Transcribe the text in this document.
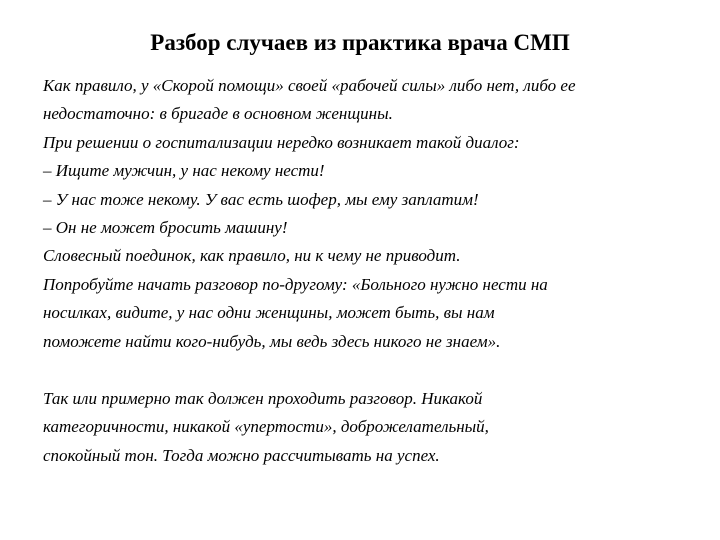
Разбор случаев из практика врача СМП
Как правило, у «Скорой помощи» своей «рабочей силы» либо нет, либо ее
недостаточно: в бригаде в основном женщины.
При решении о госпитализации нередко возникает такой диалог:
– Ищите мужчин, у нас некому нести!
– У нас тоже некому. У вас есть шофер, мы ему заплатим!
– Он не может бросить машину!
Словесный поединок, как правило, ни к чему не приводит.
Попробуйте начать разговор по-другому: «Больного нужно нести на
носилках, видите, у нас одни женщины, может быть, вы нам
поможете найти кого-нибудь, мы ведь здесь никого не знаем».
Так или примерно так должен проходить разговор. Никакой
категоричности, никакой «упертости», доброжелательный,
спокойный тон. Тогда можно рассчитывать на успех.
